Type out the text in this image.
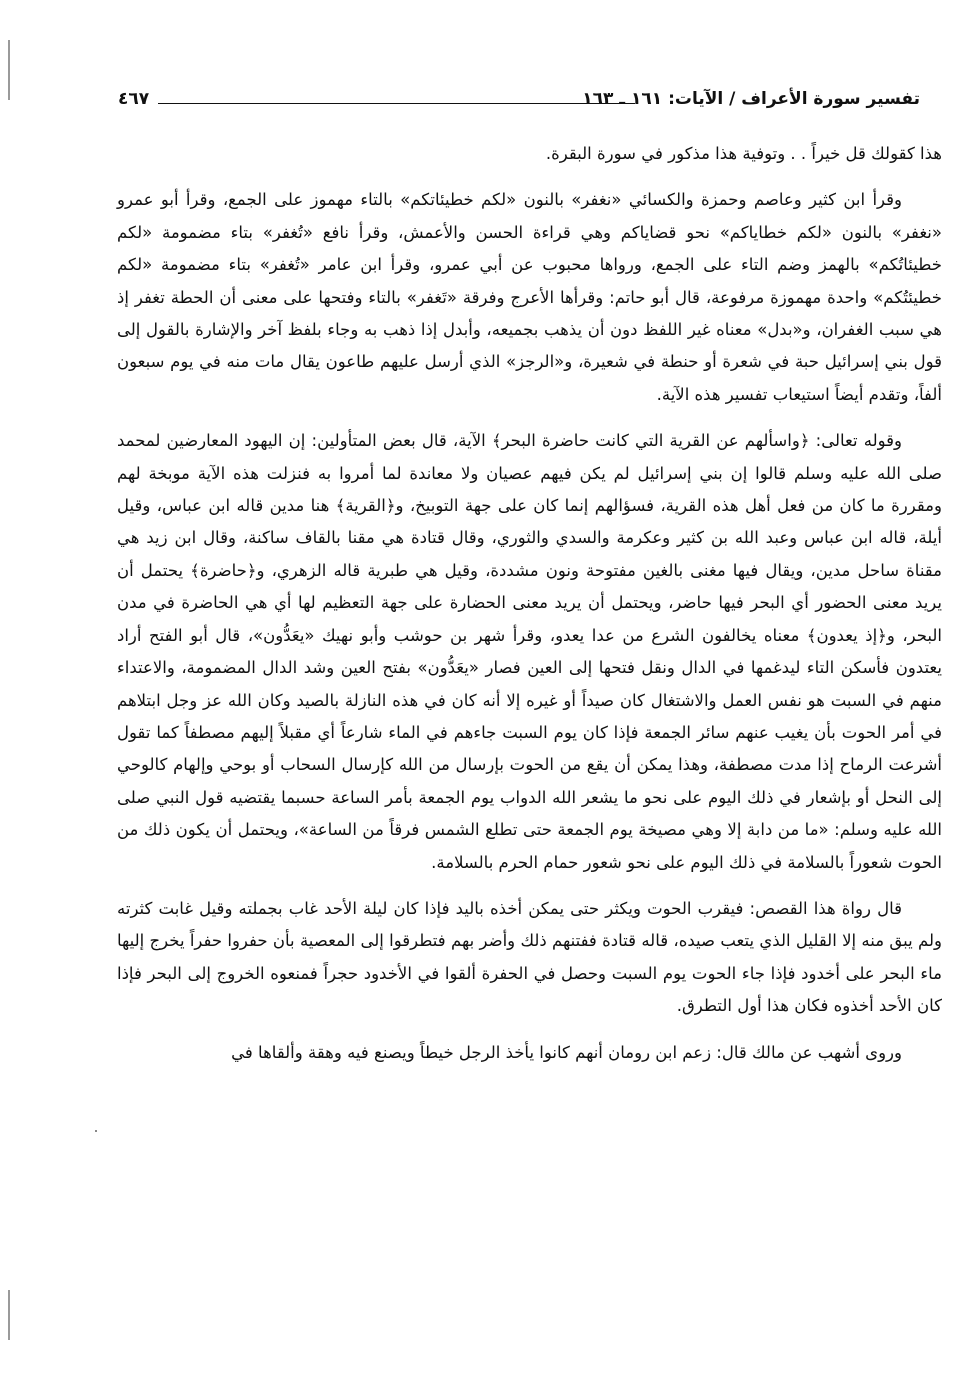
تفسير سورة الأعراف / الآيات: ١٦١ ـ ١٦٣
٤٦٧

هذا كقولك قل خيراً . . وتوفية هذا مذكور في سورة البقرة.

وقرأ ابن كثير وعاصم وحمزة والكسائي «نغفر» بالنون «لكم خطيئاتكم» بالتاء مهموز على الجمع، وقرأ أبو عمرو «نغفر» بالنون «لكم خطاياكم» نحو قضاياكم وهي قراءة الحسن والأعمش، وقرأ نافع «تُغفر» بتاء مضمومة «لكم خطيئاتُكم» بالهمز وضم التاء على الجمع، ورواها محبوب عن أبي عمرو، وقرأ ابن عامر «تُغفر» بتاء مضمومة «لكم خطيئتُكم» واحدة مهموزة مرفوعة، قال أبو حاتم: وقرأها الأعرج وفرقة «تَغفر» بالتاء وفتحها على معنى أن الحطة تغفر إذ هي سبب الغفران، و«بدل» معناه غير اللفظ دون أن يذهب بجميعه، وأبدل إذا ذهب به وجاء بلفظ آخر والإشارة بالقول إلى قول بني إسرائيل حبة في شعرة أو حنطة في شعيرة، و«الرجز» الذي أرسل عليهم طاعون يقال مات منه في يوم سبعون ألفاً، وتقدم أيضاً استيعاب تفسير هذه الآية.

وقوله تعالى: ﴿واسألهم عن القرية التي كانت حاضرة البحر﴾ الآية، قال بعض المتأولين: إن اليهود المعارضين لمحمد صلى الله عليه وسلم قالوا إن بني إسرائيل لم يكن فيهم عصيان ولا معاندة لما أمروا به فنزلت هذه الآية موبخة لهم ومقررة ما كان من فعل أهل هذه القرية، فسؤالهم إنما كان على جهة التوبيخ، و﴿القرية﴾ هنا مدين قاله ابن عباس، وقيل أيلة، قاله ابن عباس وعبد الله بن كثير وعكرمة والسدي والثوري، وقال قتادة هي مقنا بالقاف ساكنة، وقال ابن زيد هي مقناة ساحل مدين، ويقال فيها مغنى بالغين مفتوحة ونون مشددة، وقيل هي طبرية قاله الزهري، و﴿حاضرة﴾ يحتمل أن يريد معنى الحضور أي البحر فيها حاضر، ويحتمل أن يريد معنى الحضارة على جهة التعظيم لها أي هي الحاضرة في مدن البحر، و﴿إذ يعدون﴾ معناه يخالفون الشرع من عدا يعدو، وقرأ شهر بن حوشب وأبو نهيك «يعَدُّون»، قال أبو الفتح أراد يعتدون فأسكن التاء ليدغمها في الدال ونقل فتحها إلى العين فصار «يعَدُّون» بفتح العين وشد الدال المضمومة، والاعتداء منهم في السبت هو نفس العمل والاشتغال كان صيداً أو غيره إلا أنه كان في هذه النازلة بالصيد وكان الله عز وجل ابتلاهم في أمر الحوت بأن يغيب عنهم سائر الجمعة فإذا كان يوم السبت جاءهم في الماء شارعاً أي مقبلاً إليهم مصطفاً كما تقول أشرعت الرماح إذا مدت مصطفة، وهذا يمكن أن يقع من الحوت بإرسال من الله كإرسال السحاب أو بوحي وإلهام كالوحي إلى النحل أو بإشعار في ذلك اليوم على نحو ما يشعر الله الدواب يوم الجمعة بأمر الساعة حسبما يقتضيه قول النبي صلى الله عليه وسلم: «ما من دابة إلا وهي مصيخة يوم الجمعة حتى تطلع الشمس فرقاً من الساعة»، ويحتمل أن يكون ذلك من الحوت شعوراً بالسلامة في ذلك اليوم على نحو شعور حمام الحرم بالسلامة.

قال رواة هذا القصص: فيقرب الحوت ويكثر حتى يمكن أخذه باليد فإذا كان ليلة الأحد غاب بجملته وقيل غابت كثرته ولم يبق منه إلا القليل الذي يتعب صيده، قاله قتادة ففتنهم ذلك وأضر بهم فتطرقوا إلى المعصية بأن حفروا حفراً يخرج إليها ماء البحر على أخدود فإذا جاء الحوت يوم السبت وحصل في الحفرة ألقوا في الأخدود حجراً فمنعوه الخروج إلى البحر فإذا كان الأحد أخذوه فكان هذا أول التطرق.

وروى أشهب عن مالك قال: زعم ابن رومان أنهم كانوا يأخذ الرجل خيطاً ويصنع فيه وهقة وألقاها في
